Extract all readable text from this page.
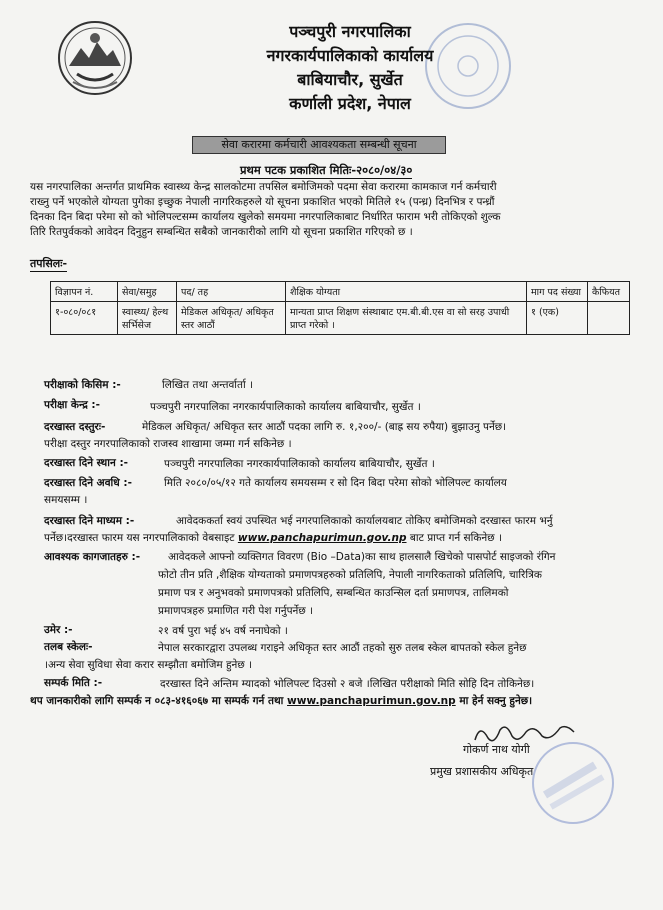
पञ्चपुरी नगरपालिका
नगरकार्यपालिकाको कार्यालय
बाबियाचौर, सुर्खेत
कर्णाली प्रदेश, नेपाल
सेवा करारमा कर्मचारी आवश्यकता सम्बन्धी सूचना
प्रथम पटक प्रकाशित मितिः-२०८०/०४/३०
यस नगरपालिका अन्तर्गत प्राथमिक स्वास्थ्य केन्द्र सालकोटमा तपसिल बमोजिमको पदमा सेवा करारमा कामकाज गर्न कर्मचारी
राख्नु पर्ने भएकोले योग्यता पुगेका इच्छुक नेपाली नागरिकहरुले यो सूचना प्रकाशित भएको मितिले १५ (पन्ध्र) दिनभित्र र पन्ध्रौं
दिनका दिन बिदा परेमा सो को भोलिपल्टसम्म कार्यालय खुलेको समयमा नगरपालिकाबाट निर्धारित फाराम भरी तोकिएको शुल्क
तिरि रितपुर्वकको आवेदन दिनुहुन सम्बन्धित सबैको जानकारीको लागि यो सूचना प्रकाशित गरिएको छ ।
तपसिलः-
विज्ञापन नं.	सेवा/समुह	पद/ तह	शैक्षिक योग्यता	माग पद संख्या	कैफियत
१-०८०/०८१	स्वास्थ्य/ हेल्थ सर्भिसेज	मेडिकल अधिकृत/ अधिकृत स्तर आठौं	मान्यता प्राप्त शिक्षण संस्थाबाट एम.बी.बी.एस वा सो सरह उपाधी प्राप्त गरेको ।	१ (एक)	
परीक्षाको किसिम :-	लिखित तथा अन्तर्वार्ता ।
परीक्षा केन्द्र :-	पञ्चपुरी नगरपालिका नगरकार्यपालिकाको कार्यालय बाबियाचौर, सुर्खेत ।
दरखास्त दस्तुरः-	मेडिकल अधिकृत/ अधिकृत स्तर आठौं पदका लागि रु. १,२००/- (बाह्र सय रुपैया) बुझाउनु पर्नेछ।
परीक्षा दस्तुर नगरपालिकाको राजस्व शाखामा जम्मा गर्न सकिनेछ ।
दरखास्त दिने स्थान :-	पञ्चपुरी नगरपालिका नगरकार्यपालिकाको कार्यालय बाबियाचौर, सुर्खेत ।
दरखास्त दिने अवधि :-	मिति २०८०/०५/१२ गते कार्यालय समयसम्म र सो दिन बिदा परेमा सोको भोलिपल्ट कार्यालय
समयसम्म ।
दरखास्त दिने माध्यम :-	आवेदककर्ता स्वयं उपस्थित भई नगरपालिकाको कार्यालयबाट तोकिए बमोजिमको दरखास्त फारम भर्नु
पर्नेछ।दरखास्त फारम यस नगरपालिकाको वेबसाइट www.panchapurimun.gov.np बाट प्राप्त गर्न सकिनेछ ।
आवश्यक कागजातहरु :-	आवेदकले आफ्नो व्यक्तिगत विवरण (Bio –Data)का साथ हालसालै खिचेको पासपोर्ट साइजको रंगिन
फोटो तीन प्रति ,शैक्षिक योग्यताको प्रमाणपत्रहरुको प्रतिलिपि, नेपाली नागरिकताको प्रतिलिपि, चारित्रिक
प्रमाण पत्र र अनुभवको प्रमाणपत्रको प्रतिलिपि, सम्बन्धित काउन्सिल दर्ता प्रमाणपत्र, तालिमको
प्रमाणपत्रहरु प्रमाणित गरी पेश गर्नुपर्नेछ ।
उमेर :-	२१ वर्ष पुरा भई ४५ वर्ष ननाघेको ।
तलब स्केलः-	नेपाल सरकारद्वारा उपलब्ध गराइने अधिकृत स्तर आठौं तहको सुरु तलब स्केल बापतको स्केल हुनेछ
।अन्य सेवा सुविधा सेवा करार सम्झौता बमोजिम हुनेछ ।
सम्पर्क मिति :-	दरखास्त दिने अन्तिम म्यादको भोलिपल्ट दिउसो २ बजे ।लिखित परीक्षाको मिति सोहि दिन तोकिनेछ।
थप जानकारीको लागि सम्पर्क न ०८३-४१६०६७ मा सम्पर्क गर्न तथा www.panchapurimun.gov.np मा हेर्न सक्नु हुनेछ।
गोकर्ण नाथ योगी
प्रमुख प्रशासकीय अधिकृत
